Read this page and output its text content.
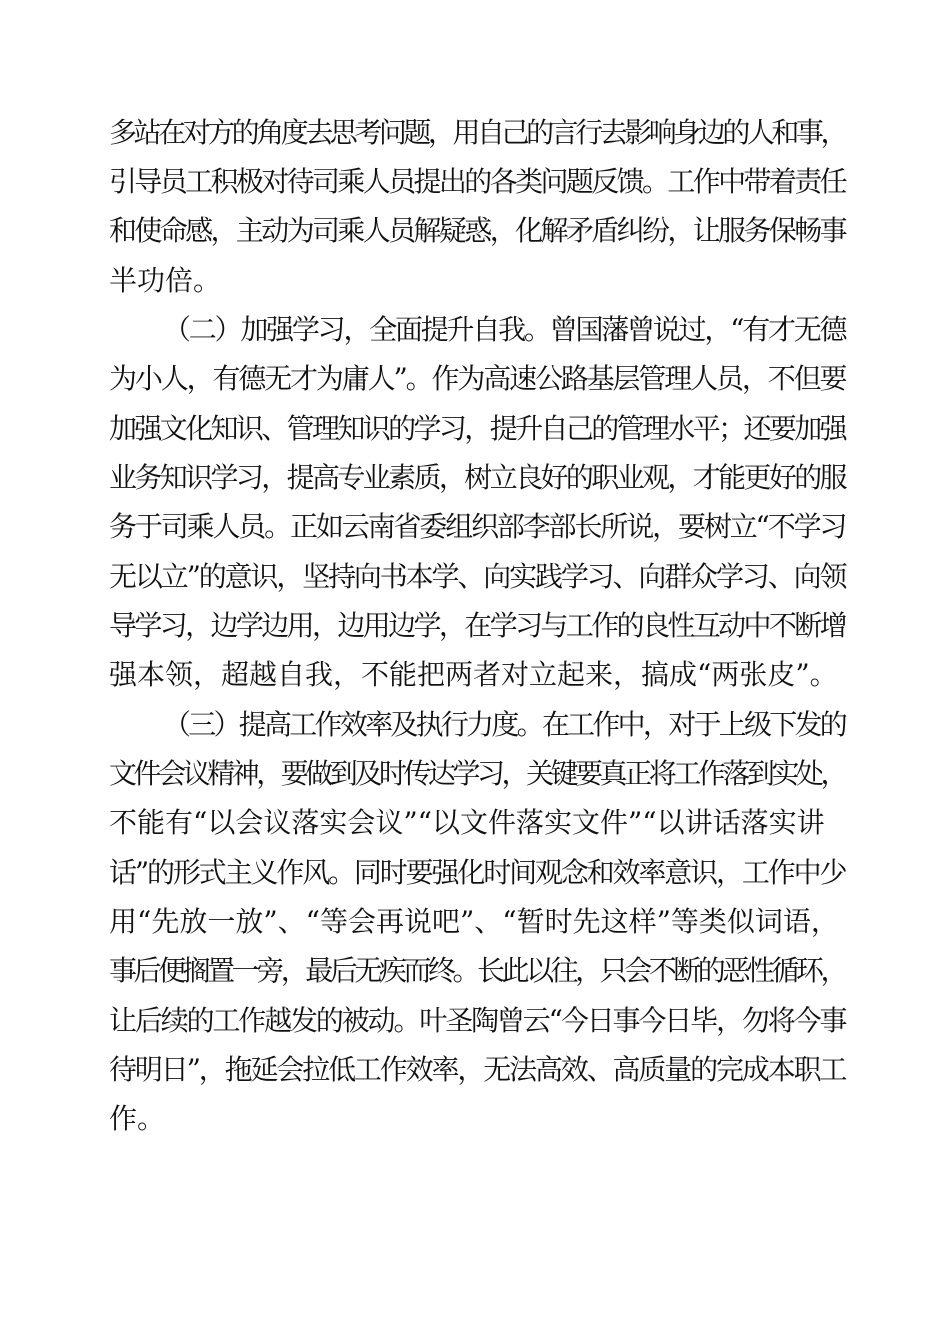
多站在对方的角度去思考问题，用自己的言行去影响身边的人和事，
引导员工积极对待司乘人员提出的各类问题反馈。工作中带着责任
和使命感，主动为司乘人员解疑惑，化解矛盾纠纷，让服务保畅事
半功倍。
（二）加强学习，全面提升自我。曾国藩曾说过，“有才无德
为小人，有德无才为庸人”。作为高速公路基层管理人员，不但要
加强文化知识、管理知识的学习，提升自己的管理水平；还要加强
业务知识学习，提高专业素质，树立良好的职业观，才能更好的服
务于司乘人员。正如云南省委组织部李部长所说，要树立“不学习
无以立”的意识，坚持向书本学、向实践学习、向群众学习、向领
导学习，边学边用，边用边学，在学习与工作的良性互动中不断增
强本领，超越自我，不能把两者对立起来，搞成“两张皮”。
（三）提高工作效率及执行力度。在工作中，对于上级下发的
文件会议精神，要做到及时传达学习，关键要真正将工作落到实处，
不能有“以会议落实会议”“以文件落实文件”“以讲话落实讲
话”的形式主义作风。同时要强化时间观念和效率意识，工作中少
用“先放一放”、“等会再说吧”、“暂时先这样”等类似词语，
事后便搁置一旁，最后无疾而终。长此以往，只会不断的恶性循环，
让后续的工作越发的被动。叶圣陶曾云“今日事今日毕，勿将今事
待明日”，拖延会拉低工作效率，无法高效、高质量的完成本职工
作。
